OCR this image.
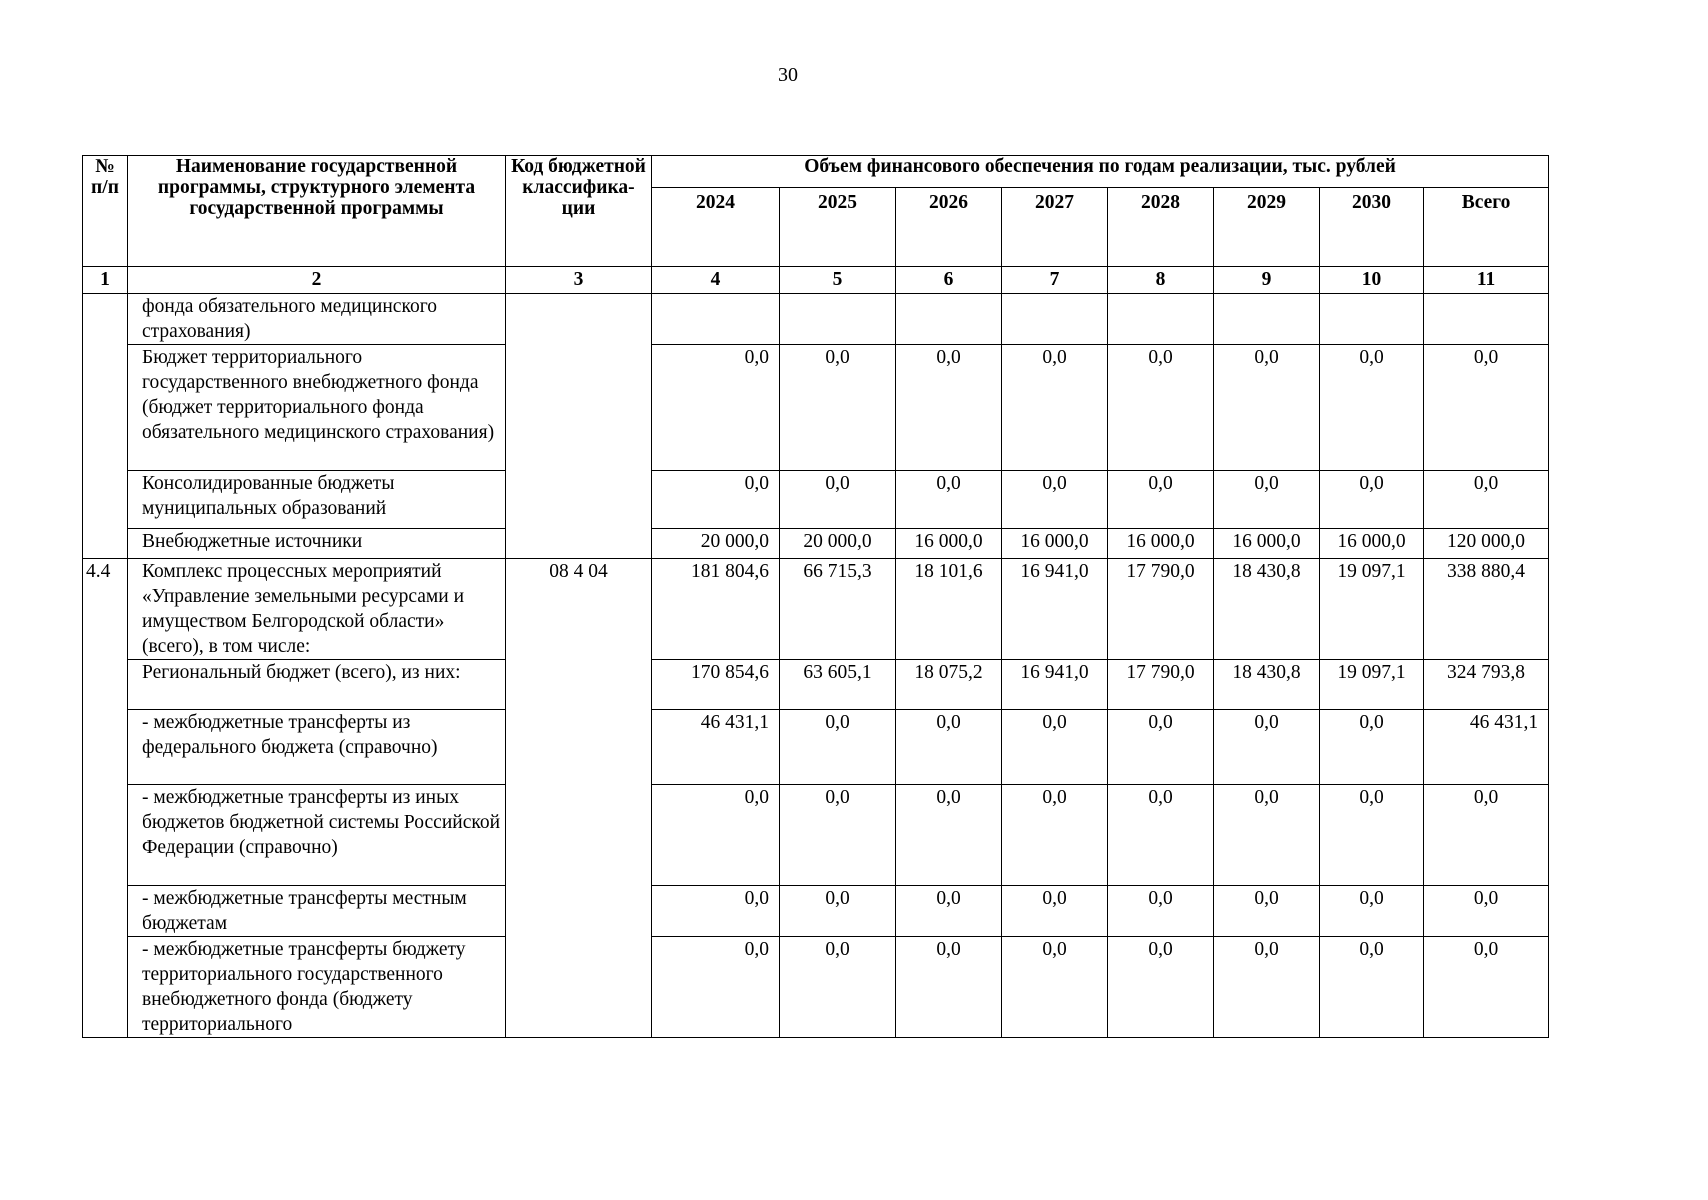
30
№ п/п	Наименование государственной программы, структурного элемента государственной программы	Код бюджетной классифика-ции	Объем финансового обеспечения по годам реализации, тыс. рублей							
			2024	2025	2026	2027	2028	2029	2030	Всего
1	2	3	4	5	6	7	8	9	10	11
	фонда обязательного медицинского страхования)									
	Бюджет территориального государственного внебюджетного фонда (бюджет территориального фонда обязательного медицинского страхования)		0,0	0,0	0,0	0,0	0,0	0,0	0,0	0,0
	Консолидированные бюджеты муниципальных образований		0,0	0,0	0,0	0,0	0,0	0,0	0,0	0,0
	Внебюджетные источники		20 000,0	20 000,0	16 000,0	16 000,0	16 000,0	16 000,0	16 000,0	120 000,0
4.4	Комплекс процессных мероприятий «Управление земельными ресурсами и имуществом Белгородской области» (всего), в том числе:	08 4 04	181 804,6	66 715,3	18 101,6	16 941,0	17 790,0	18 430,8	19 097,1	338 880,4
	Региональный бюджет (всего), из них:		170 854,6	63 605,1	18 075,2	16 941,0	17 790,0	18 430,8	19 097,1	324 793,8
	- межбюджетные трансферты из федерального бюджета (справочно)		46 431,1	0,0	0,0	0,0	0,0	0,0	0,0	46 431,1
	- межбюджетные трансферты из иных бюджетов бюджетной системы Российской Федерации (справочно)		0,0	0,0	0,0	0,0	0,0	0,0	0,0	0,0
	- межбюджетные трансферты местным бюджетам		0,0	0,0	0,0	0,0	0,0	0,0	0,0	0,0
	- межбюджетные трансферты бюджету территориального государственного внебюджетного фонда (бюджету территориального		0,0	0,0	0,0	0,0	0,0	0,0	0,0	0,0
